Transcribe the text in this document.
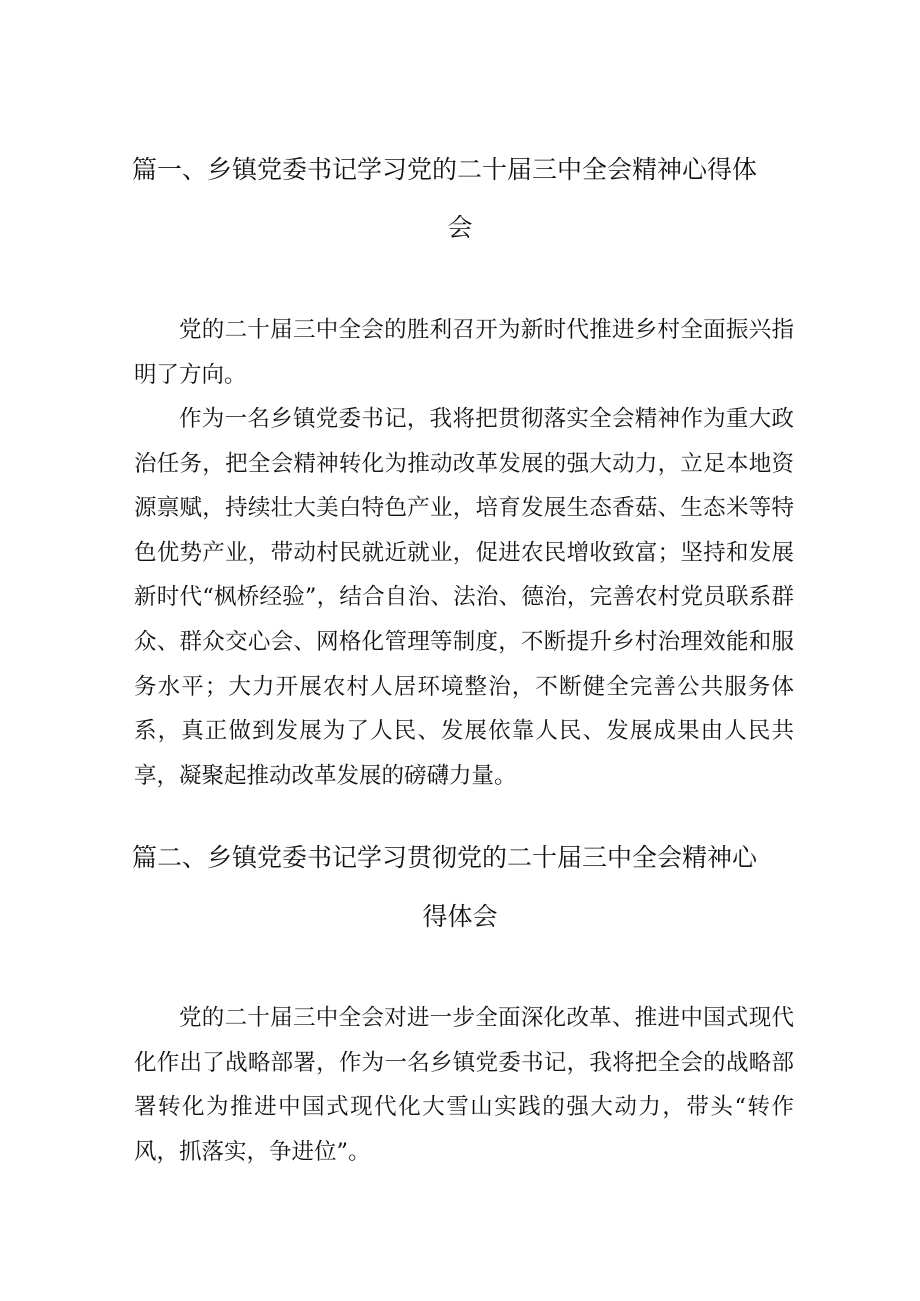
篇一、乡镇党委书记学习党的二十届三中全会精神心得体
会
党的二十届三中全会的胜利召开为新时代推进乡村全面振兴指明了方向。
作为一名乡镇党委书记，我将把贯彻落实全会精神作为重大政治任务，把全会精神转化为推动改革发展的强大动力，立足本地资源禀赋，持续壮大美白特色产业，培育发展生态香菇、生态米等特色优势产业，带动村民就近就业，促进农民增收致富；坚持和发展新时代“枫桥经验”，结合自治、法治、德治，完善农村党员联系群众、群众交心会、网格化管理等制度，不断提升乡村治理效能和服务水平；大力开展农村人居环境整治，不断健全完善公共服务体系，真正做到发展为了人民、发展依靠人民、发展成果由人民共享，凝聚起推动改革发展的磅礴力量。
篇二、乡镇党委书记学习贯彻党的二十届三中全会精神心
得体会
党的二十届三中全会对进一步全面深化改革、推进中国式现代化作出了战略部署，作为一名乡镇党委书记，我将把全会的战略部署转化为推进中国式现代化大雪山实践的强大动力，带头“转作风，抓落实，争进位”。
